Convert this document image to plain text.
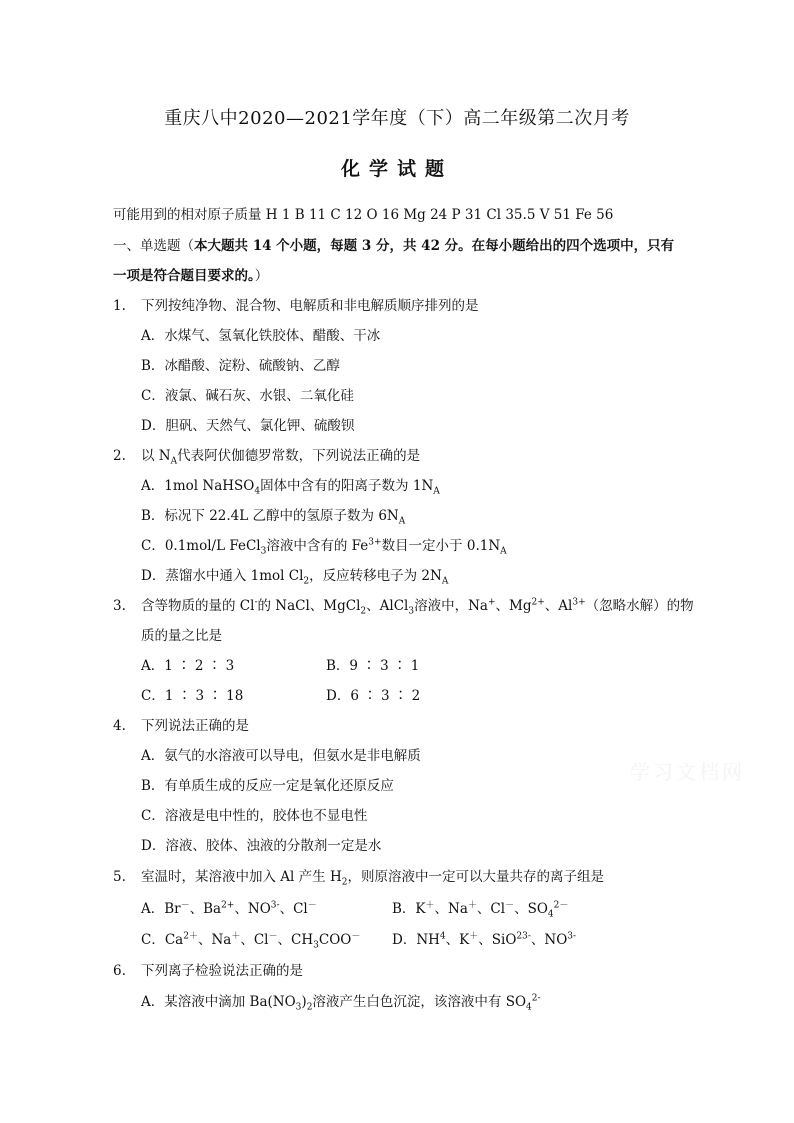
重庆八中2020—2021学年度（下）高二年级第二次月考
化学试题
可能用到的相对原子质量 H 1 B 11 C 12 O 16 Mg 24 P 31 Cl 35.5 V 51 Fe 56
一、单选题（本大题共 14 个小题，每题 3 分，共 42 分。在每小题给出的四个选项中，只有
一项是符合题目要求的。）
1. 下列按纯净物、混合物、电解质和非电解质顺序排列的是
A．水煤气、氢氧化铁胶体、醋酸、干冰
B．冰醋酸、淀粉、硫酸钠、乙醇
C．液氯、碱石灰、水银、二氧化硅
D．胆矾、天然气、氯化钾、硫酸钡
2. 以 $N_A$代表阿伏伽德罗常数，下列说法正确的是
A．1mol NaHSO$_4$固体中含有的阳离子数为 $1N_A$
B．标况下 22.4L 乙醇中的氢原子数为 $6N_A$
C．0.1mol/L FeCl$_3$溶液中含有的 $Fe^{3+}$数目一定小于 $0.1N_A$
D．蒸馏水中通入 1mol $Cl_2$，反应转移电子为 $2N_A$
3. 含等物质的量的 Cl-的 NaCl、MgCl$_2$、AlCl$_3$溶液中，Na+、$Mg^{2+}$、$Al^{3+}$（忽略水解）的物
质的量之比是
A．1 ∶ 2 ∶ 3	B．9 ∶ 3 ∶ 1
C．1 ∶ 3 ∶ 18	D．6 ∶ 3 ∶ 2
4. 下列说法正确的是
A．氨气的水溶液可以导电，但氨水是非电解质
B．有单质生成的反应一定是氧化还原反应
C．溶液是电中性的，胶体也不显电性
D．溶液、胶体、浊液的分散剂一定是水
学习文档网
5. 室温时，某溶液中加入 Al 产生 $H_2$，则原溶液中一定可以大量共存的离子组是
A．Br－、$Ba^{2+}$、$NO^{3-}$、Cl－	B．K＋、Na＋、Cl－、$SO_4^{2-}$
C．$Ca^{2+}$、Na＋、Cl－、$CH_3COO^-$ D．$NH^4$、K＋、SiO$^{23-}$、$NO^{3-}$
6. 下列离子检验说法正确的是
A．某溶液中滴加 $Ba(NO_3)_2$溶液产生白色沉淀，该溶液中有 $SO_4^{2-}$
